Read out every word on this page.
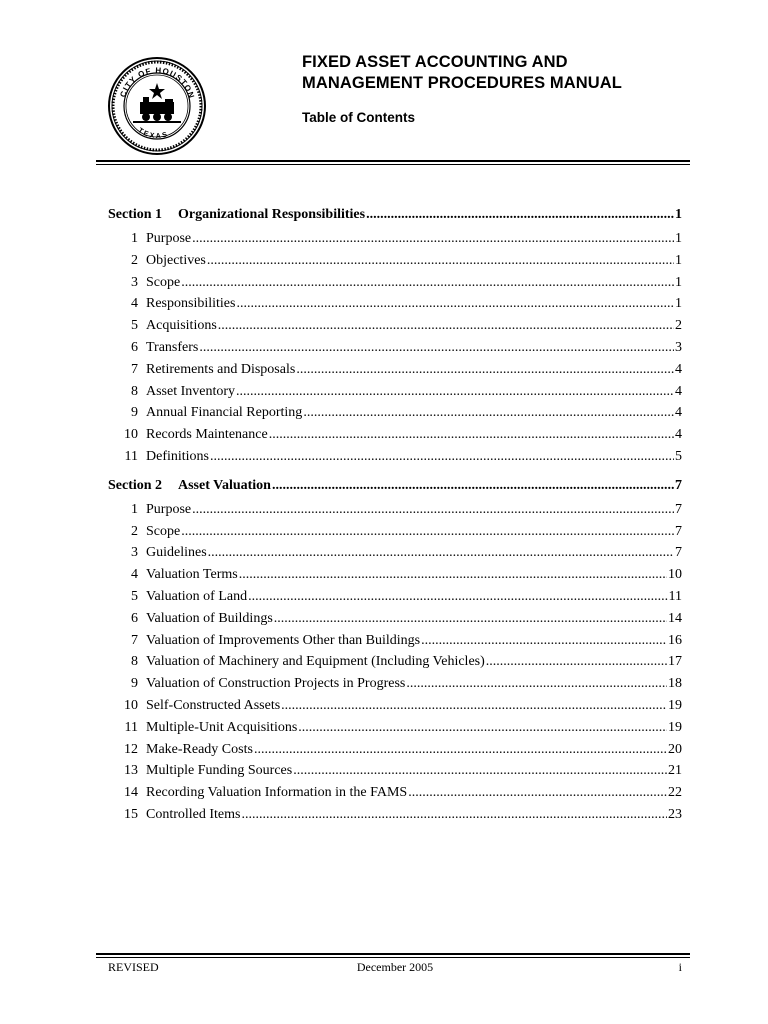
CITY OF HOUSTON
TEXAS
FIXED ASSET ACCOUNTING AND
MANAGEMENT PROCEDURES MANUAL
Table of Contents
Section 1	Organizational Responsibilities .....	1
1 Purpose .....	1
2 Objectives .....	1
3 Scope .....	1
4 Responsibilities .....	1
5 Acquisitions .....	2
6 Transfers .....	3
7 Retirements and Disposals .....	4
8 Asset Inventory .....	4
9 Annual Financial Reporting .....	4
10 Records Maintenance .....	4
11 Definitions .....	5
Section 2	Asset Valuation .....	7
1 Purpose .....	7
2 Scope .....	7
3 Guidelines .....	7
4 Valuation Terms .....	10
5 Valuation of Land .....	11
6 Valuation of Buildings .....	14
7 Valuation of Improvements Other than Buildings .....	16
8 Valuation of Machinery and Equipment (Including Vehicles) .....	17
9 Valuation of Construction Projects in Progress .....	18
10 Self-Constructed Assets .....	19
11 Multiple-Unit Acquisitions .....	19
12 Make-Ready Costs .....	20
13 Multiple Funding Sources .....	21
14 Recording Valuation Information in the FAMS .....	22
15 Controlled Items .....	23
REVISED	December 2005	i
